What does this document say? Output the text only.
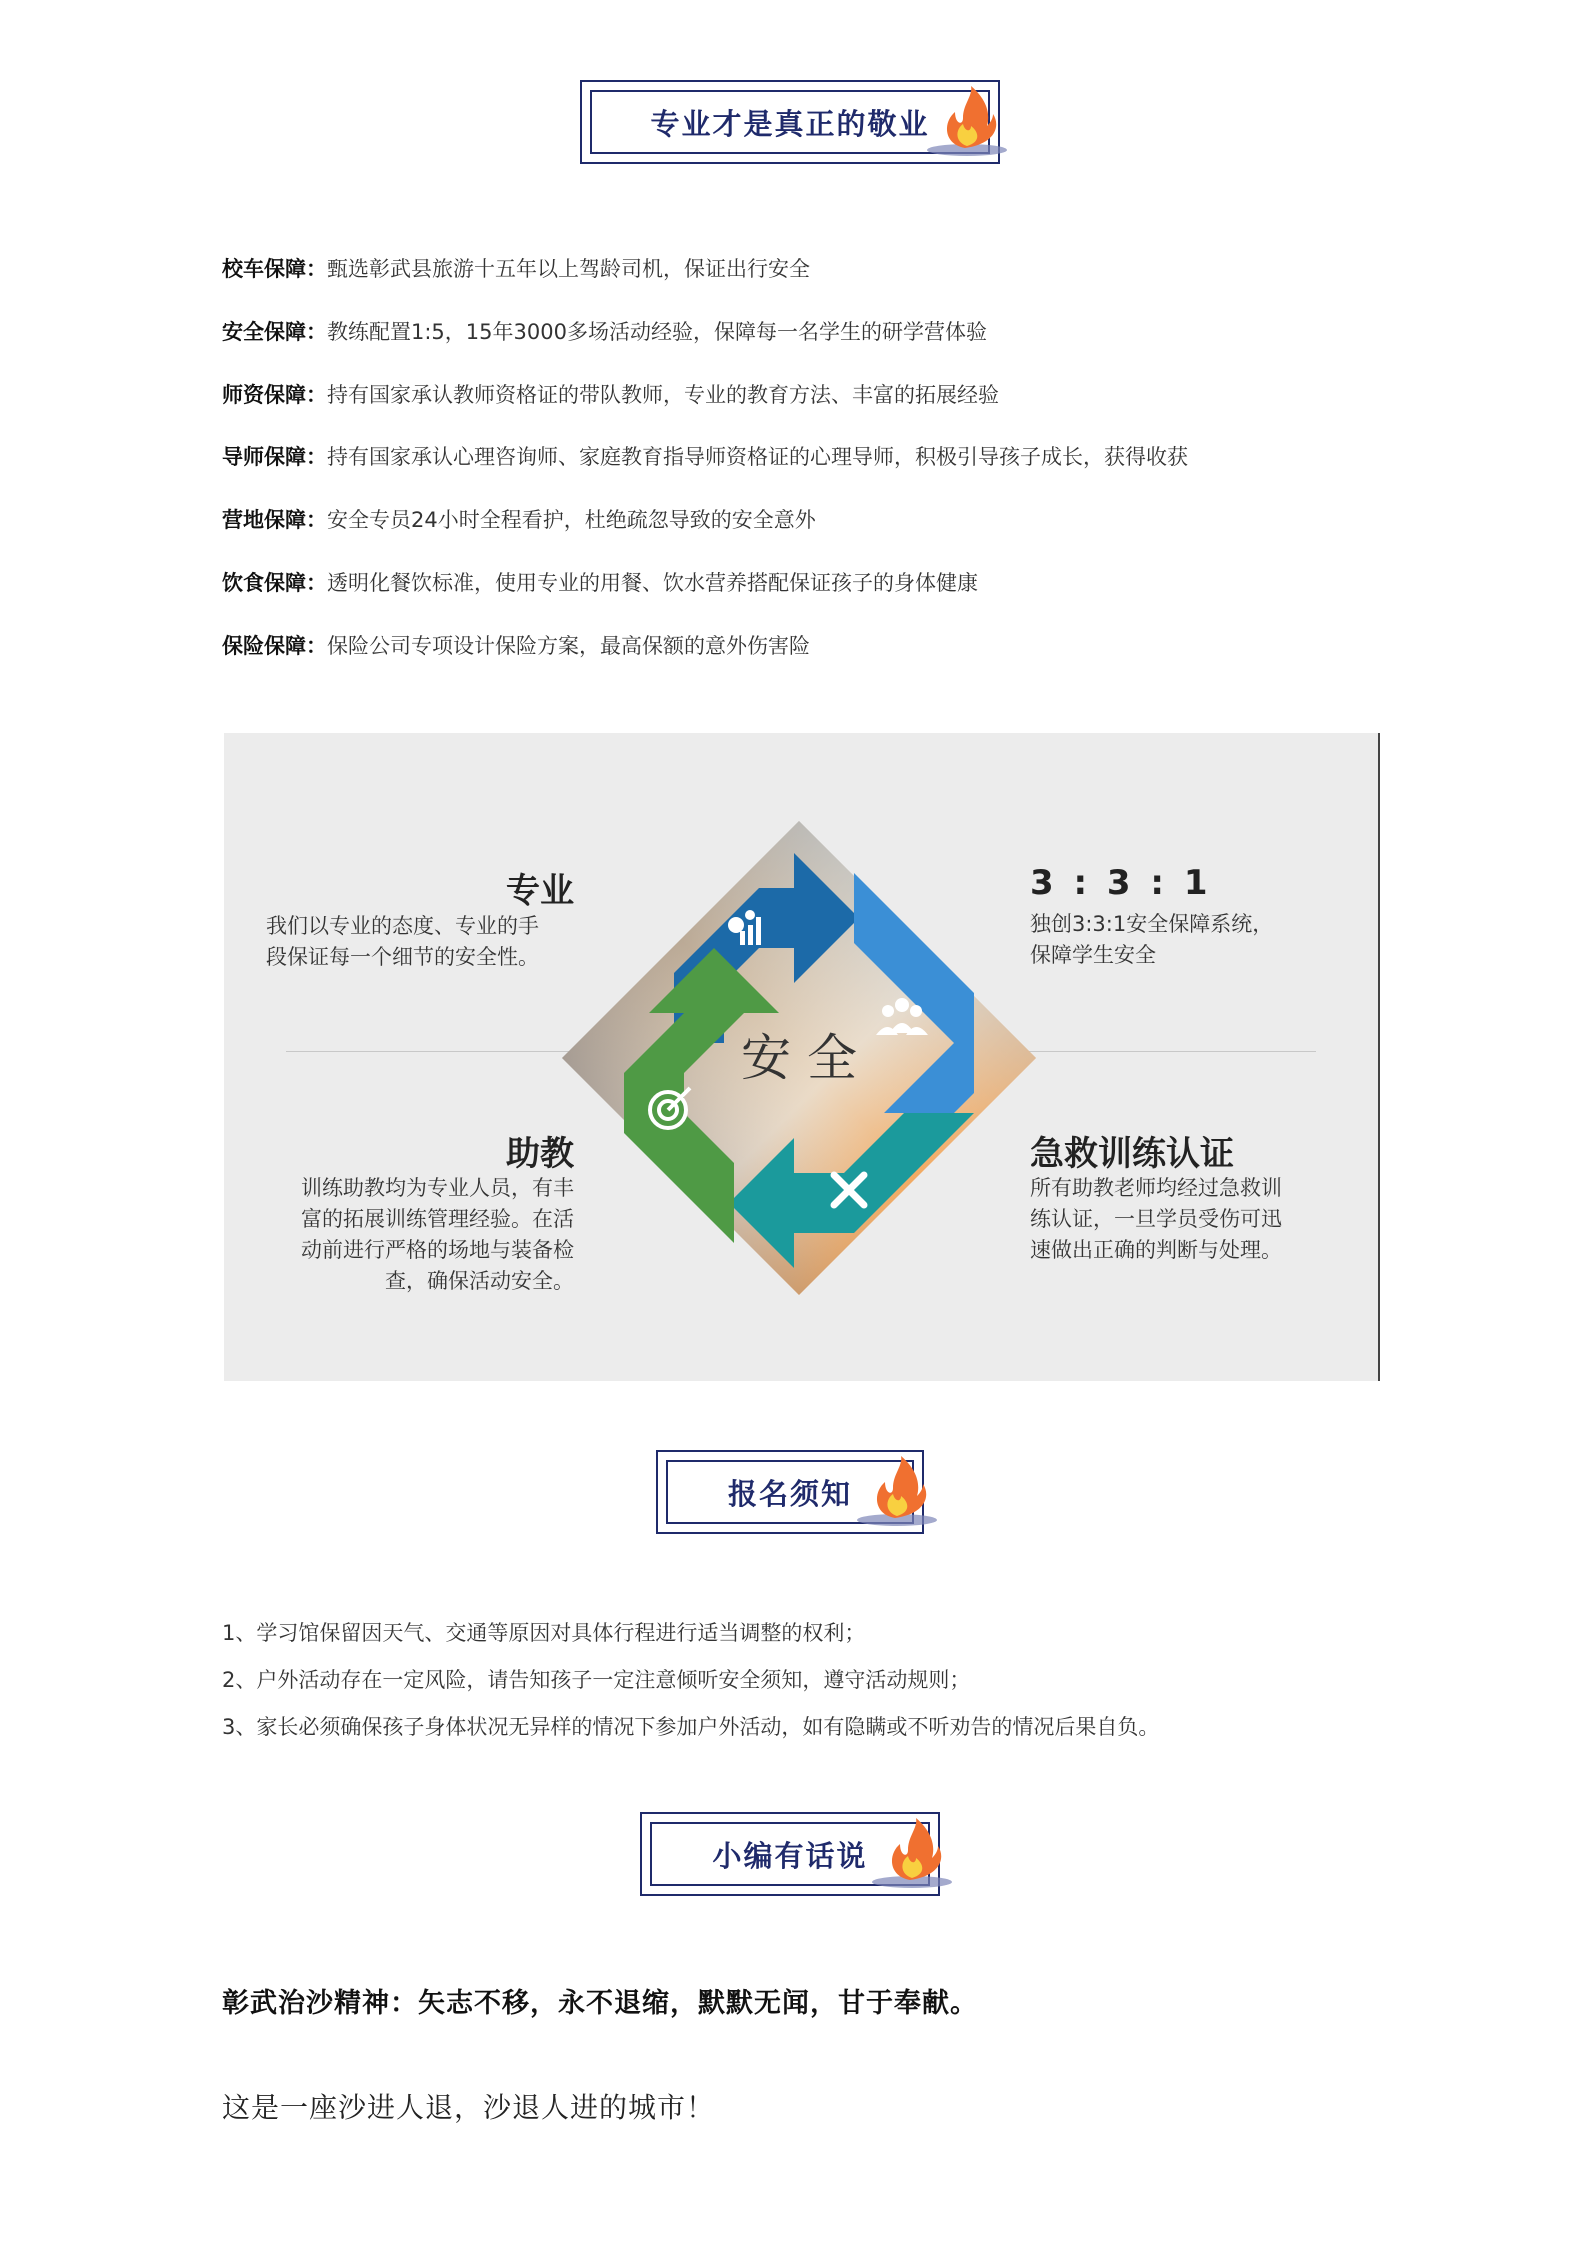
专业才是真正的敬业
校车保障：甄选彰武县旅游十五年以上驾龄司机，保证出行安全
安全保障：教练配置1:5，15年3000多场活动经验，保障每一名学生的研学营体验
师资保障：持有国家承认教师资格证的带队教师，专业的教育方法、丰富的拓展经验
导师保障：持有国家承认心理咨询师、家庭教育指导师资格证的心理导师，积极引导孩子成长，获得收获
营地保障：安全专员24小时全程看护，杜绝疏忽导致的安全意外
饮食保障：透明化餐饮标准，使用专业的用餐、饮水营养搭配保证孩子的身体健康
保险保障：保险公司专项设计保险方案，最高保额的意外伤害险
安 全
专业
我们以专业的态度、专业的手
段保证每一个细节的安全性。
3 : 3 : 1
独创3:3:1安全保障系统，
保障学生安全
助教
训练助教均为专业人员，有丰
富的拓展训练管理经验。在活
动前进行严格的场地与装备检
查，确保活动安全。
急救训练认证
所有助教老师均经过急救训
练认证，一旦学员受伤可迅
速做出正确的判断与处理。
报名须知
1、学习馆保留因天气、交通等原因对具体行程进行适当调整的权利；
2、户外活动存在一定风险，请告知孩子一定注意倾听安全须知，遵守活动规则；
3、家长必须确保孩子身体状况无异样的情况下参加户外活动，如有隐瞒或不听劝告的情况后果自负。
小编有话说
彰武治沙精神：矢志不移，永不退缩，默默无闻，甘于奉献。
这是一座沙进人退，沙退人进的城市！
